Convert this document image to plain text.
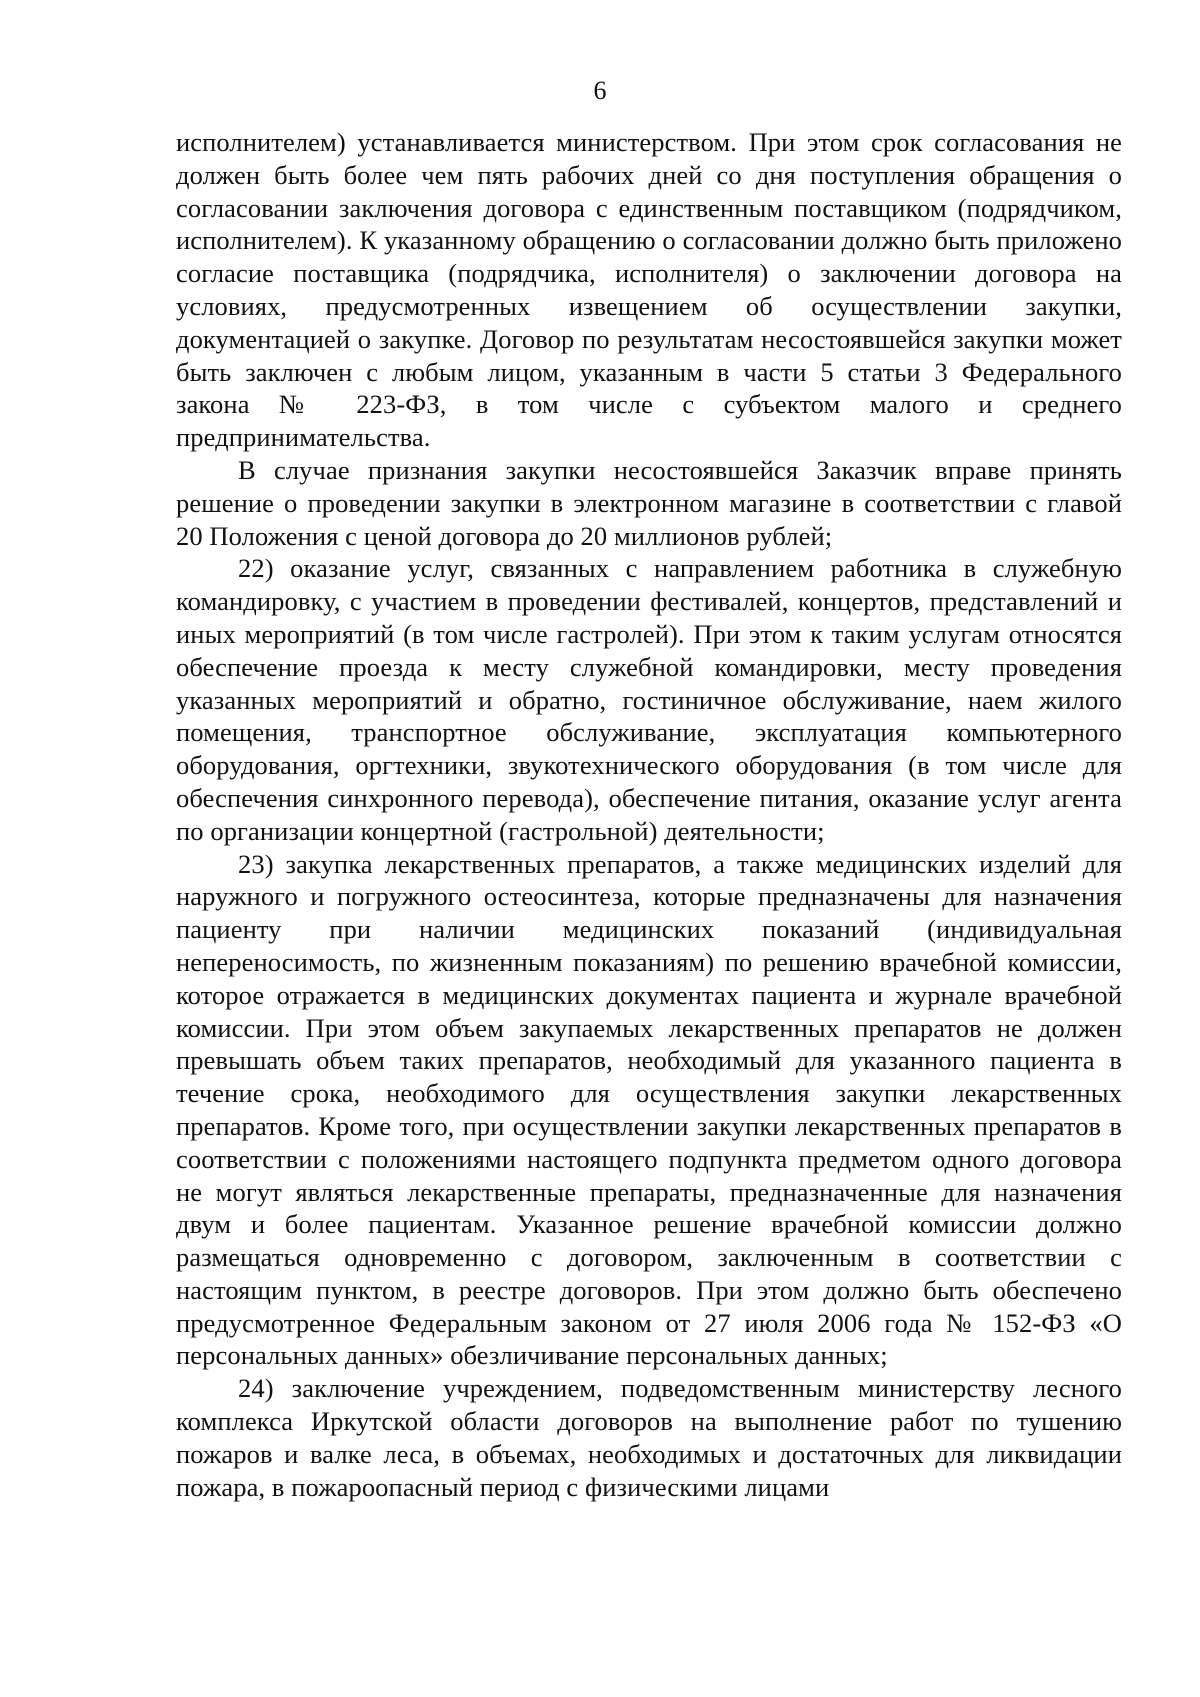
6

исполнителем) устанавливается министерством. При этом срок согласования не должен быть более чем пять рабочих дней со дня поступления обращения о согласовании заключения договора с единственным поставщиком (подрядчиком, исполнителем). К указанному обращению о согласовании должно быть приложено согласие поставщика (подрядчика, исполнителя) о заключении договора на условиях, предусмотренных извещением об осуществлении закупки, документацией о закупке. Договор по результатам несостоявшейся закупки может быть заключен с любым лицом, указанным в части 5 статьи 3 Федерального закона № 223-ФЗ, в том числе с субъектом малого и среднего предпринимательства.

В случае признания закупки несостоявшейся Заказчик вправе принять решение о проведении закупки в электронном магазине в соответствии с главой 20 Положения с ценой договора до 20 миллионов рублей;

22) оказание услуг, связанных с направлением работника в служебную командировку, с участием в проведении фестивалей, концертов, представлений и иных мероприятий (в том числе гастролей). При этом к таким услугам относятся обеспечение проезда к месту служебной командировки, месту проведения указанных мероприятий и обратно, гостиничное обслуживание, наем жилого помещения, транспортное обслуживание, эксплуатация компьютерного оборудования, оргтехники, звукотехнического оборудования (в том числе для обеспечения синхронного перевода), обеспечение питания, оказание услуг агента по организации концертной (гастрольной) деятельности;

23) закупка лекарственных препаратов, а также медицинских изделий для наружного и погружного остеосинтеза, которые предназначены для назначения пациенту при наличии медицинских показаний (индивидуальная непереносимость, по жизненным показаниям) по решению врачебной комиссии, которое отражается в медицинских документах пациента и журнале врачебной комиссии. При этом объем закупаемых лекарственных препаратов не должен превышать объем таких препаратов, необходимый для указанного пациента в течение срока, необходимого для осуществления закупки лекарственных препаратов. Кроме того, при осуществлении закупки лекарственных препаратов в соответствии с положениями настоящего подпункта предметом одного договора не могут являться лекарственные препараты, предназначенные для назначения двум и более пациентам. Указанное решение врачебной комиссии должно размещаться одновременно с договором, заключенным в соответствии с настоящим пунктом, в реестре договоров. При этом должно быть обеспечено предусмотренное Федеральным законом от 27 июля 2006 года № 152-ФЗ «О персональных данных» обезличивание персональных данных;

24) заключение учреждением, подведомственным министерству лесного комплекса Иркутской области договоров на выполнение работ по тушению пожаров и валке леса, в объемах, необходимых и достаточных для ликвидации пожара, в пожароопасный период с физическими лицами
